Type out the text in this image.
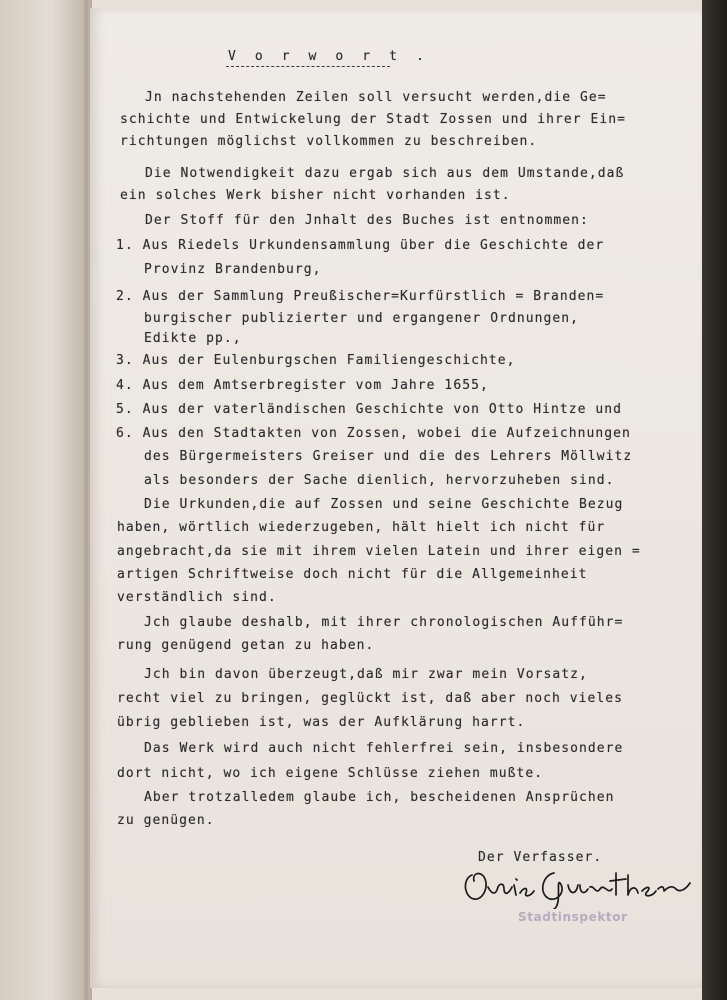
V o r w o r t .
Jn nachstehenden Zeilen soll versucht werden,die Ge=
schichte und Entwickelung der Stadt Zossen und ihrer Ein=
richtungen möglichst vollkommen zu beschreiben.
Die Notwendigkeit dazu ergab sich aus dem Umstande,daß
ein solches Werk bisher nicht vorhanden ist.
Der Stoff für den Jnhalt des Buches ist entnommen:
1. Aus Riedels Urkundensammlung über die Geschichte der
Provinz Brandenburg,
2. Aus der Sammlung Preußischer=Kurfürstlich = Branden=
burgischer publizierter und ergangener Ordnungen,
Edikte pp.,
3. Aus der Eulenburgschen Familiengeschichte,
4. Aus dem Amtserbregister vom Jahre 1655,
5. Aus der vaterländischen Geschichte von Otto Hintze und
6. Aus den Stadtakten von Zossen, wobei die Aufzeichnungen
des Bürgermeisters Greiser und die des Lehrers Möllwitz
als besonders der Sache dienlich, hervorzuheben sind.
Die Urkunden,die auf Zossen und seine Geschichte Bezug
haben, wörtlich wiederzugeben, hält hielt ich nicht für
angebracht,da sie mit ihrem vielen Latein und ihrer eigen =
artigen Schriftweise doch nicht für die Allgemeinheit
verständlich sind.
Jch glaube deshalb, mit ihrer chronologischen Aufführ=
rung genügend getan zu haben.
Jch bin davon überzeugt,daß mir zwar mein Vorsatz,
recht viel zu bringen, geglückt ist, daß aber noch vieles
übrig geblieben ist, was der Aufklärung harrt.
Das Werk wird auch nicht fehlerfrei sein, insbesondere
dort nicht, wo ich eigene Schlüsse ziehen mußte.
Aber trotzalledem glaube ich, bescheidenen Ansprüchen
zu genügen.
Der Verfasser.
Stadtinspektor
